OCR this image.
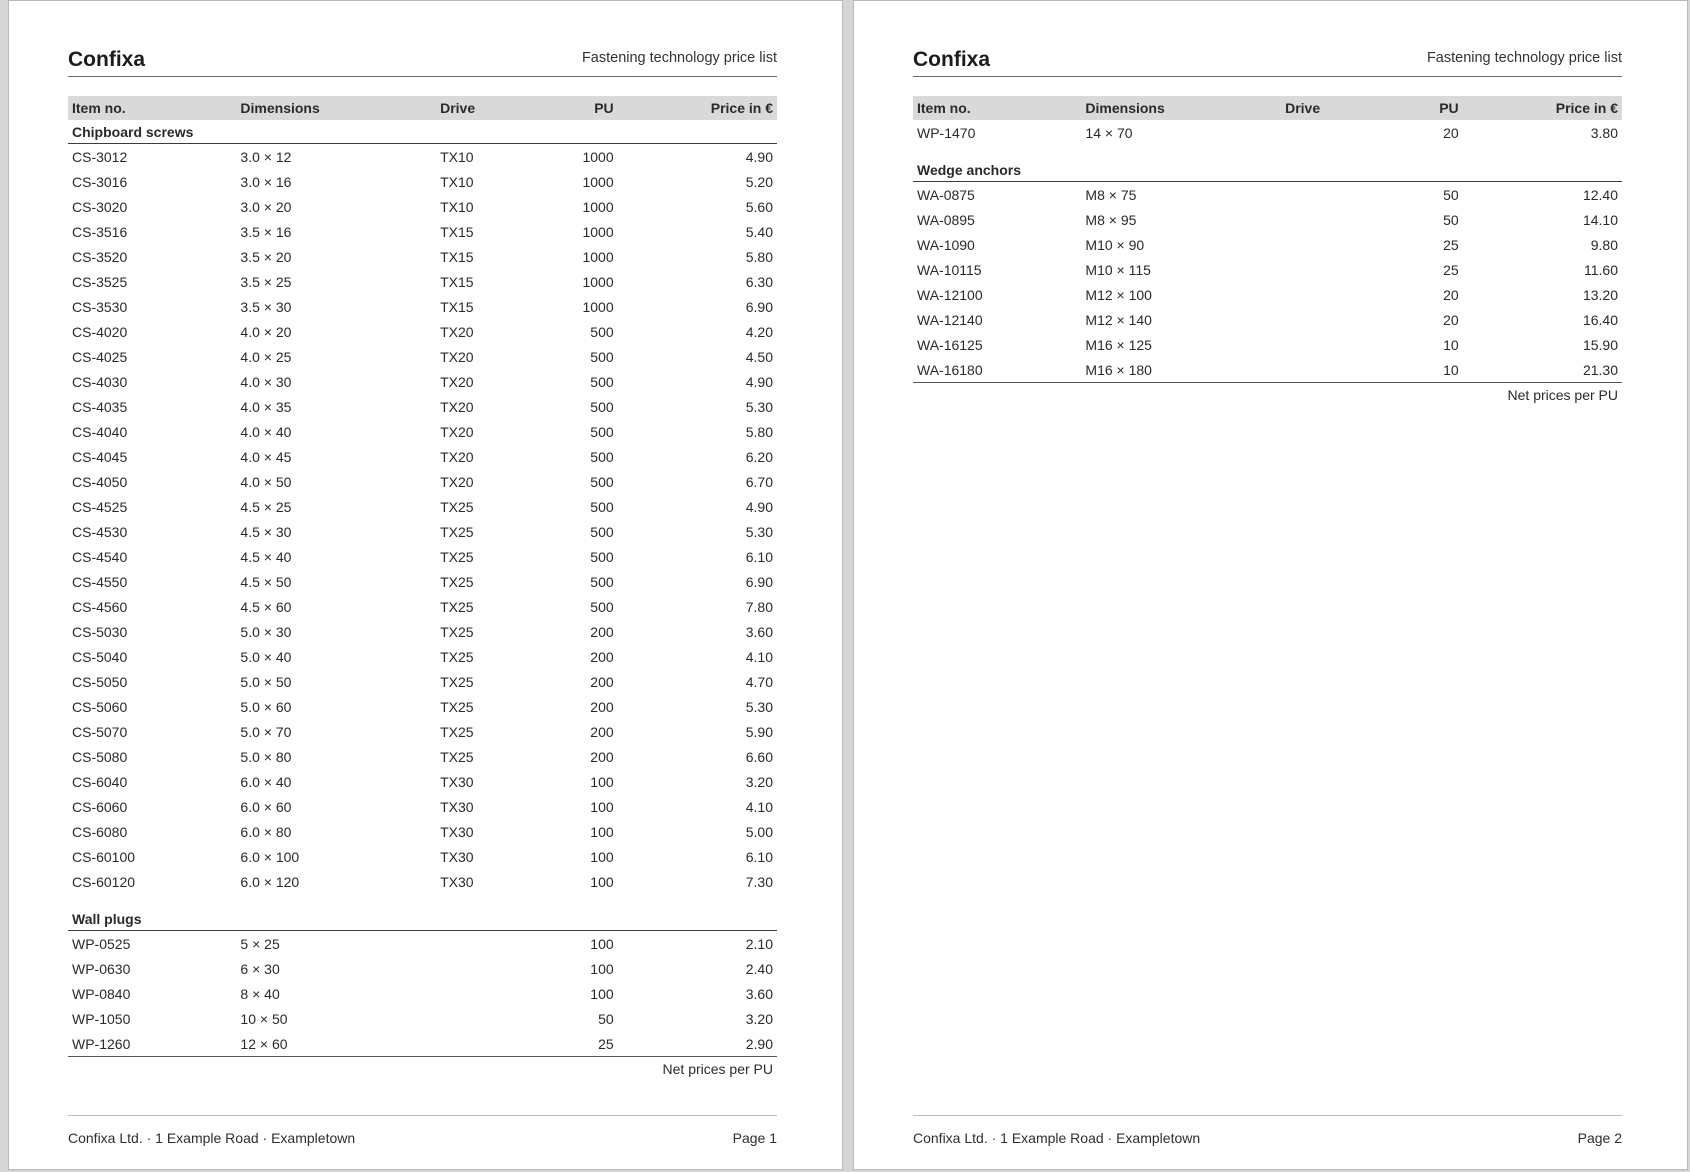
Confixa	Fastening technology price list
Item no.	Dimensions	Drive	PU	Price in €
Chipboard screws				
CS-3012	3.0 × 12	TX10	1000	4.90
CS-3016	3.0 × 16	TX10	1000	5.20
CS-3020	3.0 × 20	TX10	1000	5.60
CS-3516	3.5 × 16	TX15	1000	5.40
CS-3520	3.5 × 20	TX15	1000	5.80
CS-3525	3.5 × 25	TX15	1000	6.30
CS-3530	3.5 × 30	TX15	1000	6.90
CS-4020	4.0 × 20	TX20	500	4.20
CS-4025	4.0 × 25	TX20	500	4.50
CS-4030	4.0 × 30	TX20	500	4.90
CS-4035	4.0 × 35	TX20	500	5.30
CS-4040	4.0 × 40	TX20	500	5.80
CS-4045	4.0 × 45	TX20	500	6.20
CS-4050	4.0 × 50	TX20	500	6.70
CS-4525	4.5 × 25	TX25	500	4.90
CS-4530	4.5 × 30	TX25	500	5.30
CS-4540	4.5 × 40	TX25	500	6.10
CS-4550	4.5 × 50	TX25	500	6.90
CS-4560	4.5 × 60	TX25	500	7.80
CS-5030	5.0 × 30	TX25	200	3.60
CS-5040	5.0 × 40	TX25	200	4.10
CS-5050	5.0 × 50	TX25	200	4.70
CS-5060	5.0 × 60	TX25	200	5.30
CS-5070	5.0 × 70	TX25	200	5.90
CS-5080	5.0 × 80	TX25	200	6.60
CS-6040	6.0 × 40	TX30	100	3.20
CS-6060	6.0 × 60	TX30	100	4.10
CS-6080	6.0 × 80	TX30	100	5.00
CS-60100	6.0 × 100	TX30	100	6.10
CS-60120	6.0 × 120	TX30	100	7.30
Wall plugs				
WP-0525	5 × 25		100	2.10
WP-0630	6 × 30		100	2.40
WP-0840	8 × 40		100	3.60
WP-1050	10 × 50		50	3.20
WP-1260	12 × 60		25	2.90
Net prices per PU
Confixa Ltd. · 1 Example Road · Exampletown	Page 1
Confixa	Fastening technology price list
Item no.	Dimensions	Drive	PU	Price in €
WP-1470	14 × 70		20	3.80
Wedge anchors				
WA-0875	M8 × 75		50	12.40
WA-0895	M8 × 95		50	14.10
WA-1090	M10 × 90		25	9.80
WA-10115	M10 × 115		25	11.60
WA-12100	M12 × 100		20	13.20
WA-12140	M12 × 140		20	16.40
WA-16125	M16 × 125		10	15.90
WA-16180	M16 × 180		10	21.30
Net prices per PU
Confixa Ltd. · 1 Example Road · Exampletown	Page 2
